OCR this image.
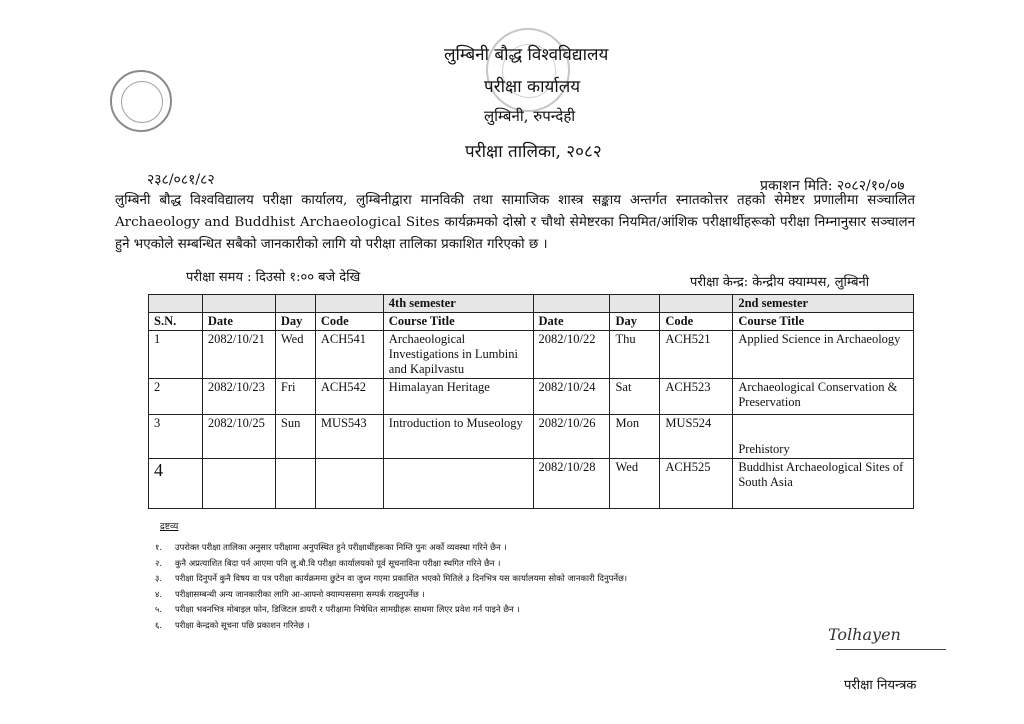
लुम्बिनी बौद्ध विश्वविद्यालय
परीक्षा कार्यालय
लुम्बिनी, रुपन्देही
परीक्षा तालिका, २०८२
२३८/०८१/८२	प्रकाशन मिति: २०८२/१०/०७
लुम्बिनी बौद्ध विश्वविद्यालय परीक्षा कार्यालय, लुम्बिनीद्वारा मानविकी तथा सामाजिक शास्त्र सङ्काय अन्तर्गत स्नातकोत्तर तहको सेमेष्टर प्रणालीमा सञ्चालित Archaeology and Buddhist Archaeological Sites कार्यक्रमको दोस्रो र चौथो सेमेष्टरका नियमित/आंशिक परीक्षार्थीहरूको परीक्षा निम्नानुसार सञ्चालन हुने भएकोले सम्बन्धित सबैको जानकारीको लागि यो परीक्षा तालिका प्रकाशित गरिएको छ ।
परीक्षा समय : दिउसो १:०० बजे देखि	परीक्षा केन्द्र: केन्द्रीय क्याम्पस, लुम्बिनी
				4th semester				2nd semester
S.N.	Date	Day	Code	Course Title	Date	Day	Code	Course Title
1	2082/10/21	Wed	ACH541	Archaeological Investigations in Lumbini and Kapilvastu	2082/10/22	Thu	ACH521	Applied Science in Archaeology
2	2082/10/23	Fri	ACH542	Himalayan Heritage	2082/10/24	Sat	ACH523	Archaeological Conservation & Preservation
3	2082/10/25	Sun	MUS543	Introduction to Museology	2082/10/26	Mon	MUS524	Prehistory
4					2082/10/28	Wed	ACH525	Buddhist Archaeological Sites of South Asia
द्रष्टव्य
१. उपरोक्त परीक्षा तालिका अनुसार परीक्षामा अनुपस्थित हुने परीक्षार्थीहरूका निम्ति पुनः अर्को व्यवस्था गरिने छैन ।
२. कुनै अप्रत्याशित बिदा पर्न आएमा पनि लु.बौ.वि परीक्षा कार्यालयको पूर्व सूचनाविना परीक्षा स्थगित गरिने छैन ।
३. परीक्षा दिनुपर्ने कुनै विषय वा पत्र परीक्षा कार्यक्रममा छुटेन वा जुध्न गएमा प्रकाशित भएको मितिले ३ दिनभित्र यस कार्यालयमा सोको जानकारी दिनुपर्नेछ।
४. परीक्षासम्बन्धी अन्य जानकारीका लागि आ-आफ्नो क्याम्पससमा सम्पर्क राख्नुपर्नेछ ।
५. परीक्षा भवनभित्र मोबाइल फोन, डिजिटल डायरी र परीक्षामा निषेधित सामग्रीहरू साथमा लिएर प्रवेश गर्न पाइने छैन ।
६. परीक्षा केन्द्रको सूचना पछि प्रकाशन गरिनेछ ।
Tolhayen
परीक्षा नियन्त्रक
